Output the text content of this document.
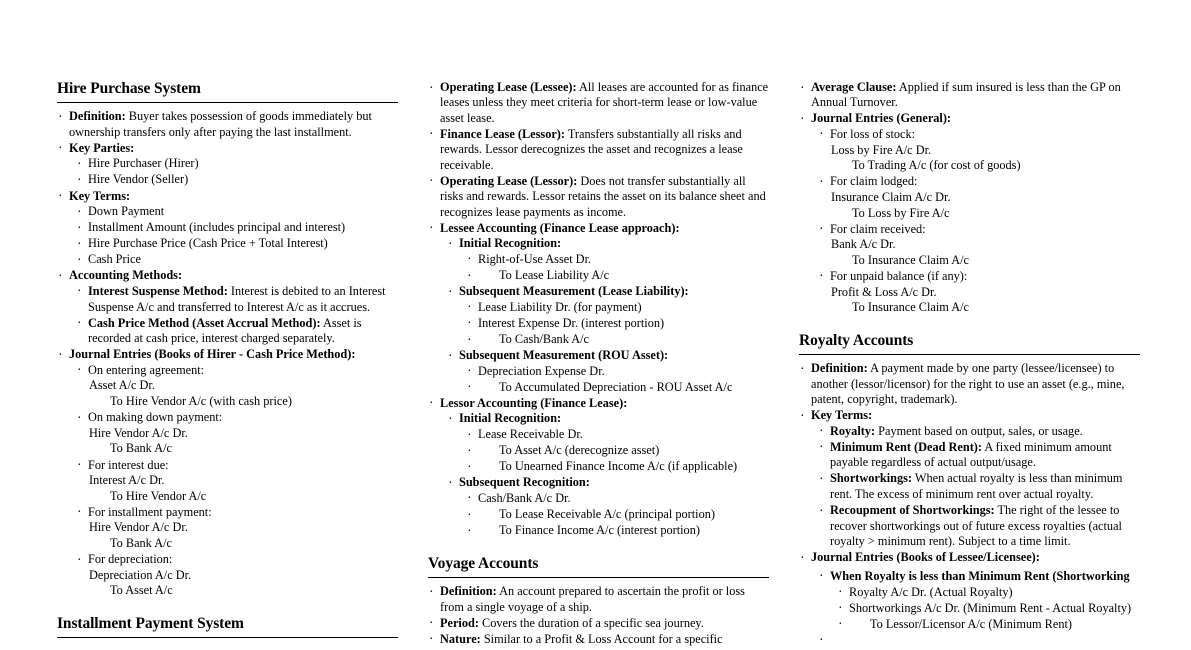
Hire Purchase System
· Definition: Buyer takes possession of goods immediately but ownership transfers only after paying the last installment.
· Key Parties:
· Hire Purchaser (Hirer)
· Hire Vendor (Seller)
· Key Terms:
· Down Payment
· Installment Amount (includes principal and interest)
· Hire Purchase Price (Cash Price + Total Interest)
· Cash Price
· Accounting Methods:
· Interest Suspense Method: Interest is debited to an Interest Suspense A/c and transferred to Interest A/c as it accrues.
· Cash Price Method (Asset Accrual Method): Asset is recorded at cash price, interest charged separately.
· Journal Entries (Books of Hirer - Cash Price Method):
· On entering agreement:
Asset A/c Dr.
To Hire Vendor A/c (with cash price)
· On making down payment:
Hire Vendor A/c Dr.
To Bank A/c
· For interest due:
Interest A/c Dr.
To Hire Vendor A/c
· For installment payment:
Hire Vendor A/c Dr.
To Bank A/c
· For depreciation:
Depreciation A/c Dr.
To Asset A/c
Installment Payment System
· Operating Lease (Lessee): All leases are accounted for as finance leases unless they meet criteria for short-term lease or low-value asset lease.
· Finance Lease (Lessor): Transfers substantially all risks and rewards. Lessor derecognizes the asset and recognizes a lease receivable.
· Operating Lease (Lessor): Does not transfer substantially all risks and rewards. Lessor retains the asset on its balance sheet and recognizes lease payments as income.
· Lessee Accounting (Finance Lease approach):
· Initial Recognition:
· Right-of-Use Asset Dr.
· To Lease Liability A/c
· Subsequent Measurement (Lease Liability):
· Lease Liability Dr. (for payment)
· Interest Expense Dr. (interest portion)
· To Cash/Bank A/c
· Subsequent Measurement (ROU Asset):
· Depreciation Expense Dr.
· To Accumulated Depreciation - ROU Asset A/c
· Lessor Accounting (Finance Lease):
· Initial Recognition:
· Lease Receivable Dr.
· To Asset A/c (derecognize asset)
· To Unearned Finance Income A/c (if applicable)
· Subsequent Recognition:
· Cash/Bank A/c Dr.
· To Lease Receivable A/c (principal portion)
· To Finance Income A/c (interest portion)
Voyage Accounts
· Definition: An account prepared to ascertain the profit or loss from a single voyage of a ship.
· Period: Covers the duration of a specific sea journey.
· Nature: Similar to a Profit & Loss Account for a specific
· Average Clause: Applied if sum insured is less than the GP on Annual Turnover.
· Journal Entries (General):
· For loss of stock:
Loss by Fire A/c Dr.
To Trading A/c (for cost of goods)
· For claim lodged:
Insurance Claim A/c Dr.
To Loss by Fire A/c
· For claim received:
Bank A/c Dr.
To Insurance Claim A/c
· For unpaid balance (if any):
Profit & Loss A/c Dr.
To Insurance Claim A/c
Royalty Accounts
· Definition: A payment made by one party (lessee/licensee) to another (lessor/licensor) for the right to use an asset (e.g., mine, patent, copyright, trademark).
· Key Terms:
· Royalty: Payment based on output, sales, or usage.
· Minimum Rent (Dead Rent): A fixed minimum amount payable regardless of actual output/usage.
· Shortworkings: When actual royalty is less than minimum rent. The excess of minimum rent over actual royalty.
· Recoupment of Shortworkings: The right of the lessee to recover shortworkings out of future excess royalties (actual royalty > minimum rent). Subject to a time limit.
· Journal Entries (Books of Lessee/Licensee):
· When Royalty is less than Minimum Rent (Shortworking
· Royalty A/c Dr. (Actual Royalty)
· Shortworkings A/c Dr. (Minimum Rent - Actual Royalty)
· To Lessor/Licensor A/c (Minimum Rent)
·
